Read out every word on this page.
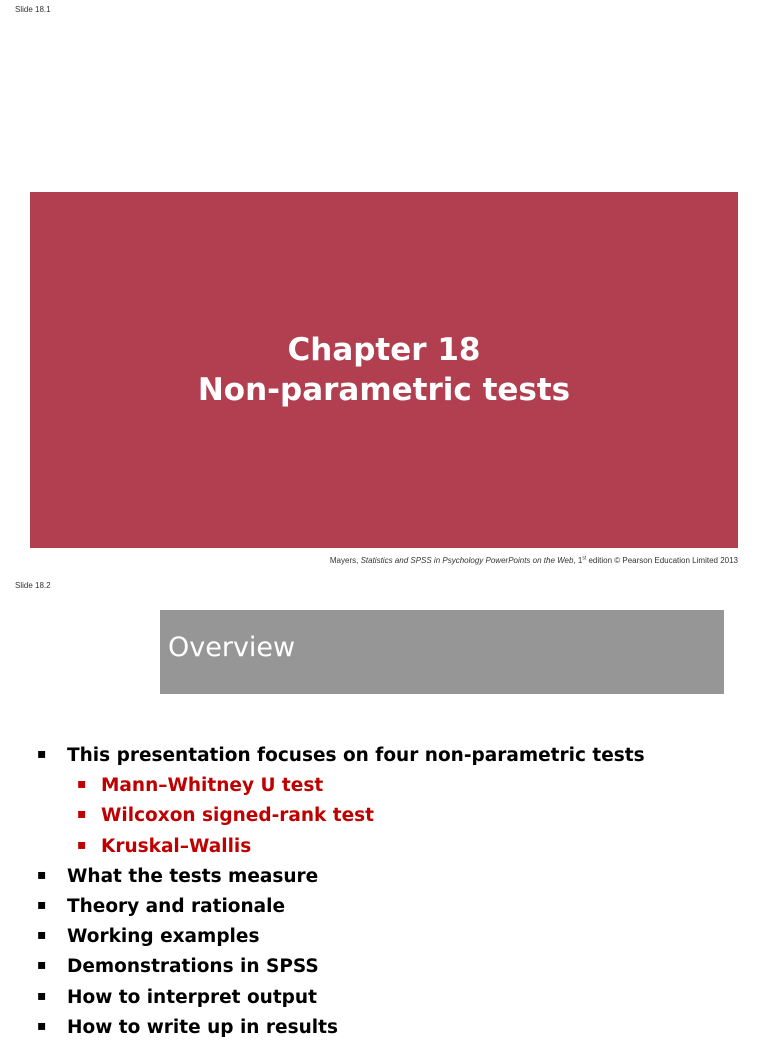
Slide 18.1
Chapter 18
Non-parametric tests
Mayers, Statistics and SPSS in Psychology PowerPoints on the Web, 1st edition © Pearson Education Limited 2013
Slide 18.2
Overview
▪ This presentation focuses on four non-parametric tests
▪ Mann–Whitney U test
▪ Wilcoxon signed-rank test
▪ Kruskal–Wallis
▪ What the tests measure
▪ Theory and rationale
▪ Working examples
▪ Demonstrations in SPSS
▪ How to interpret output
▪ How to write up in results
